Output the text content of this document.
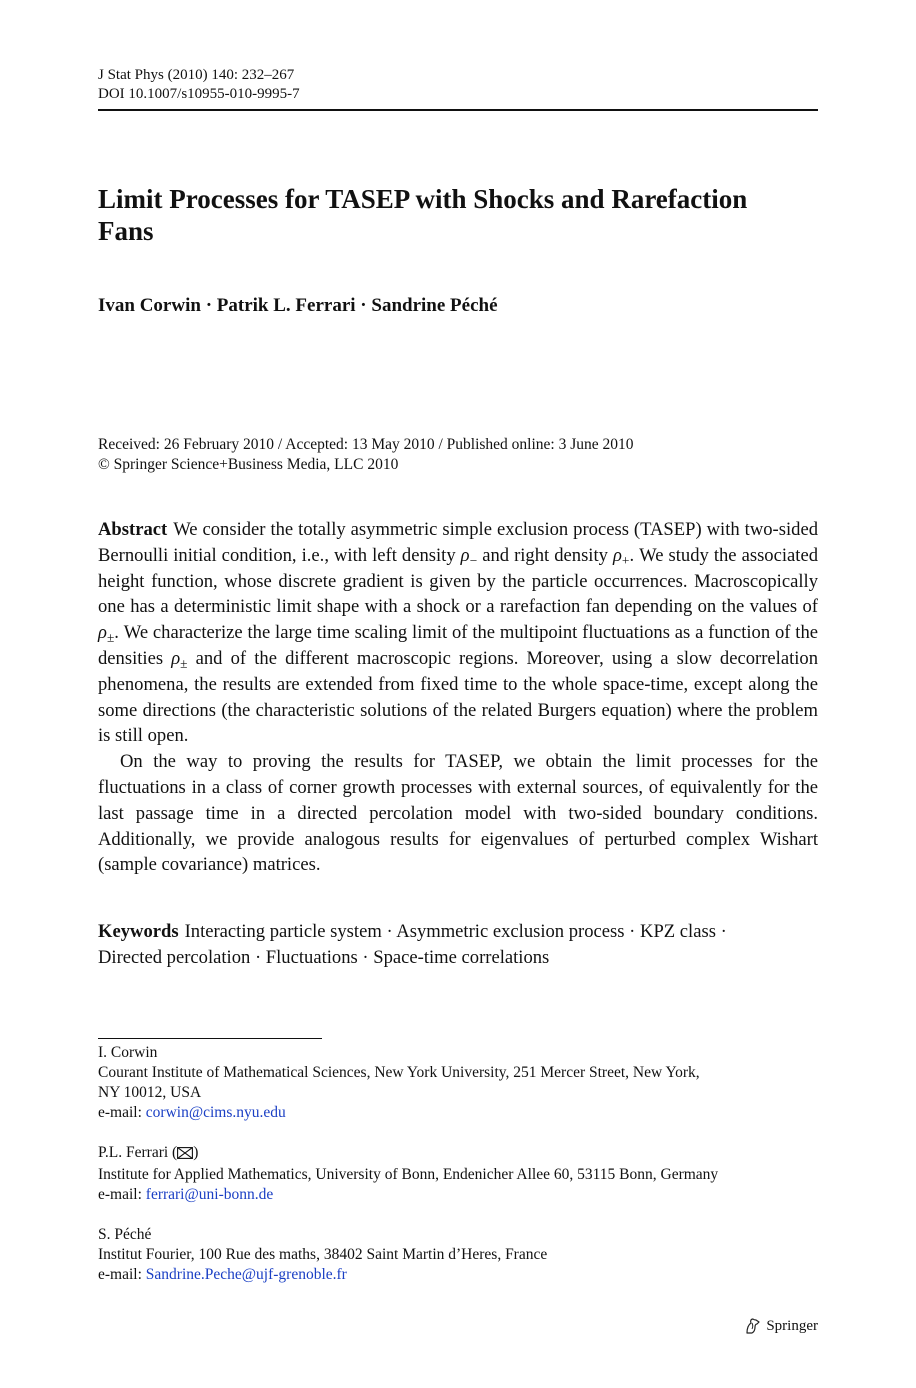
J Stat Phys (2010) 140: 232–267
DOI 10.1007/s10955-010-9995-7
Limit Processes for TASEP with Shocks and Rarefaction Fans
Ivan Corwin · Patrik L. Ferrari · Sandrine Péché
Received: 26 February 2010 / Accepted: 13 May 2010 / Published online: 3 June 2010
© Springer Science+Business Media, LLC 2010

Abstract We consider the totally asymmetric simple exclusion process (TASEP) with two-sided Bernoulli initial condition, i.e., with left density $\rho_-$ and right density $\rho_+$. We study the associated height function, whose discrete gradient is given by the particle occurrences. Macroscopically one has a deterministic limit shape with a shock or a rarefaction fan depending on the values of $\rho_\pm$. We characterize the large time scaling limit of the multipoint fluctuations as a function of the densities $\rho_\pm$ and of the different macroscopic regions. Moreover, using a slow decorrelation phenomena, the results are extended from fixed time to the whole space-time, except along the some directions (the characteristic solutions of the related Burgers equation) where the problem is still open.

On the way to proving the results for TASEP, we obtain the limit processes for the fluctuations in a class of corner growth processes with external sources, of equivalently for the last passage time in a directed percolation model with two-sided boundary conditions. Additionally, we provide analogous results for eigenvalues of perturbed complex Wishart (sample covariance) matrices.

Keywords Interacting particle system · Asymmetric exclusion process · KPZ class ·
Directed percolation · Fluctuations · Space-time correlations
I. Corwin
Courant Institute of Mathematical Sciences, New York University, 251 Mercer Street, New York,
NY 10012, USA
e-mail: corwin@cims.nyu.edu
P.L. Ferrari ( )
Institute for Applied Mathematics, University of Bonn, Endenicher Allee 60, 53115 Bonn, Germany
e-mail: ferrari@uni-bonn.de
S. Péché
Institut Fourier, 100 Rue des maths, 38402 Saint Martin d’Heres, France
e-mail: Sandrine.Peche@ujf-grenoble.fr
Springer
